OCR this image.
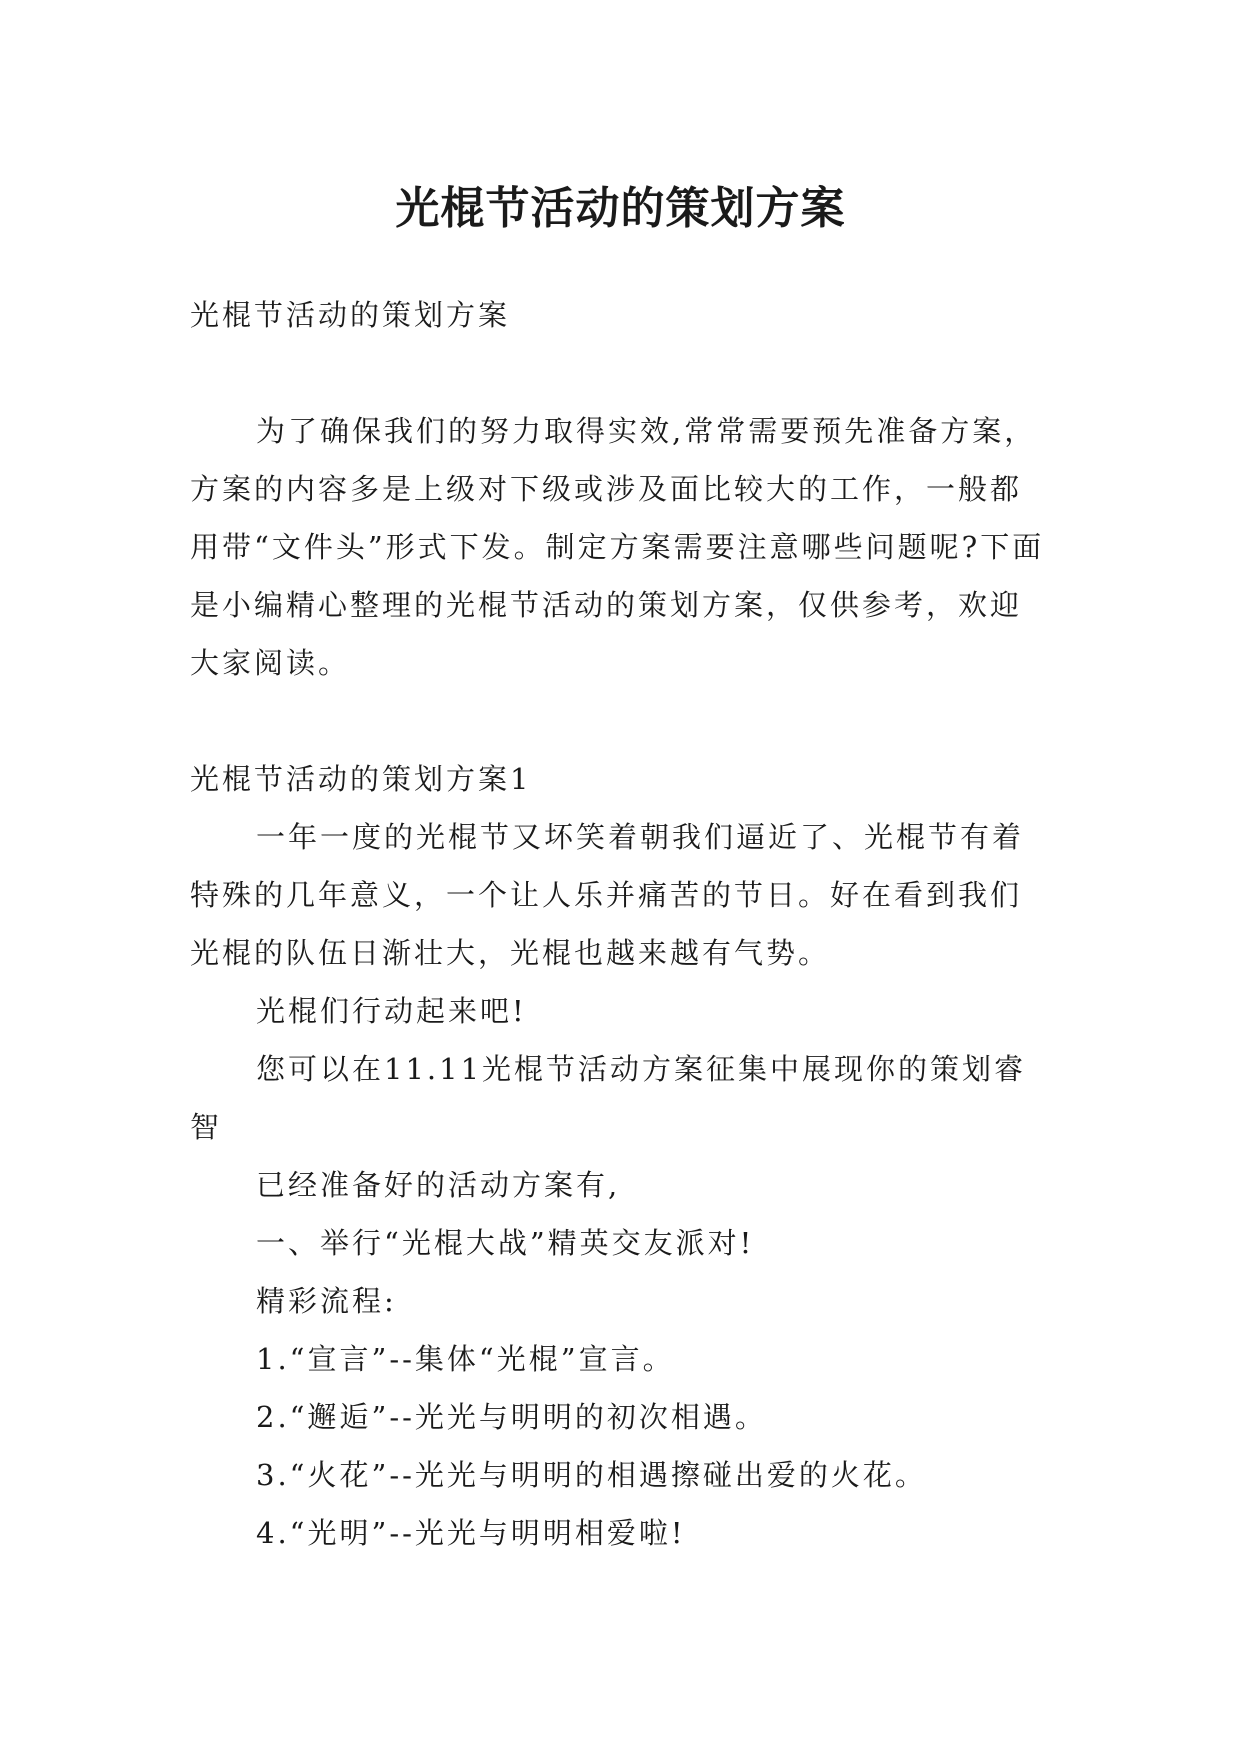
光棍节活动的策划方案

光棍节活动的策划方案

为了确保我们的努力取得实效,常常需要预先准备方案，方案的内容多是上级对下级或涉及面比较大的工作，一般都用带“文件头”形式下发。制定方案需要注意哪些问题呢?下面是小编精心整理的光棍节活动的策划方案，仅供参考，欢迎大家阅读。

光棍节活动的策划方案1

一年一度的光棍节又坏笑着朝我们逼近了、光棍节有着特殊的几年意义，一个让人乐并痛苦的节日。好在看到我们光棍的队伍日渐壮大，光棍也越来越有气势。

光棍们行动起来吧!

您可以在11.11光棍节活动方案征集中展现你的策划睿智

已经准备好的活动方案有,

一、举行“光棍大战”精英交友派对!

精彩流程:

1.“宣言”--集体“光棍”宣言。

2.“邂逅”--光光与明明的初次相遇。

3.“火花”--光光与明明的相遇擦碰出爱的火花。

4.“光明”--光光与明明相爱啦!
